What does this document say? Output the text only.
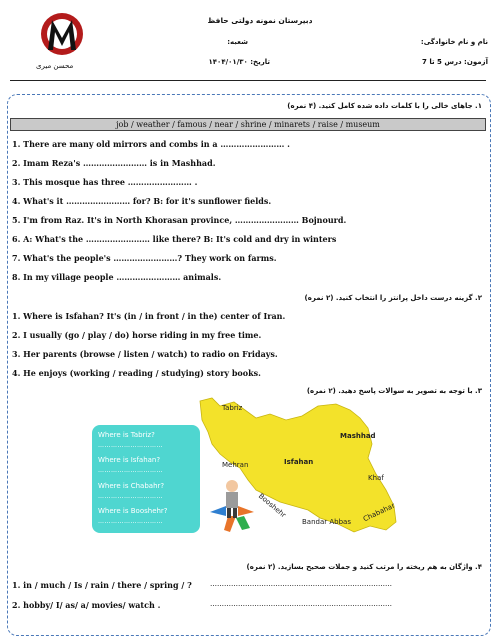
محسن میری
دبیرستان نمونه دولتی حافظ
نام و نام خانوادگی:
شعبه:
آزمون: درس 5 تا 7
تاریخ: ۱۴۰۴/۰۱/۳۰
۱. جاهای خالی را با کلمات داده شده کامل کنید. (۴ نمره)
job / weather / famous / near / shrine / minarets / raise / museum
1. There are many old mirrors and combs in a …………………… .
2. Imam Reza's …………………… is in Mashhad.
3. This mosque has three …………………… .
4. What's it …………………… for? B: for it's sunflower fields.
5. I'm from Raz. It's in North Khorasan province, …………………… Bojnourd.
6. A: What's the …………………… like there? B: It's cold and dry in winters
7. What's the people's ……………………? They work on farms.
8. In my village people …………………… animals.
۲. گزینه درست داخل پرانتز را انتخاب کنید. (۲ نمره)
1. Where is Isfahan? It's (in / in front / in the) center of Iran.
2. I usually (go / play / do) horse riding in my free time.
3. Her parents (browse / listen / watch) to radio on Fridays.
4. He enjoys (working / reading / studying) story books.
۳. با توجه به تصویر به سوالات پاسخ دهید. (۲ نمره)
Tabriz
Mashhad
Mehran	Isfahan
Khaf
Booshehr
Bandar Abbas Chabahar
Where is Tabriz?
…………………………
Where is Isfahan?
…………………………
Where is Chabahr?
…………………………
Where is Booshehr?
…………………………
۴. واژگان به هم ریخته را مرتب کنید و جملات صحیح بسازید. (۲ نمره)
1. in / much / Is / rain / there / spring / ?	……………………………………………………………………
2. hobby/ I/ as/ a/ movies/ watch .	……………………………………………………………………
